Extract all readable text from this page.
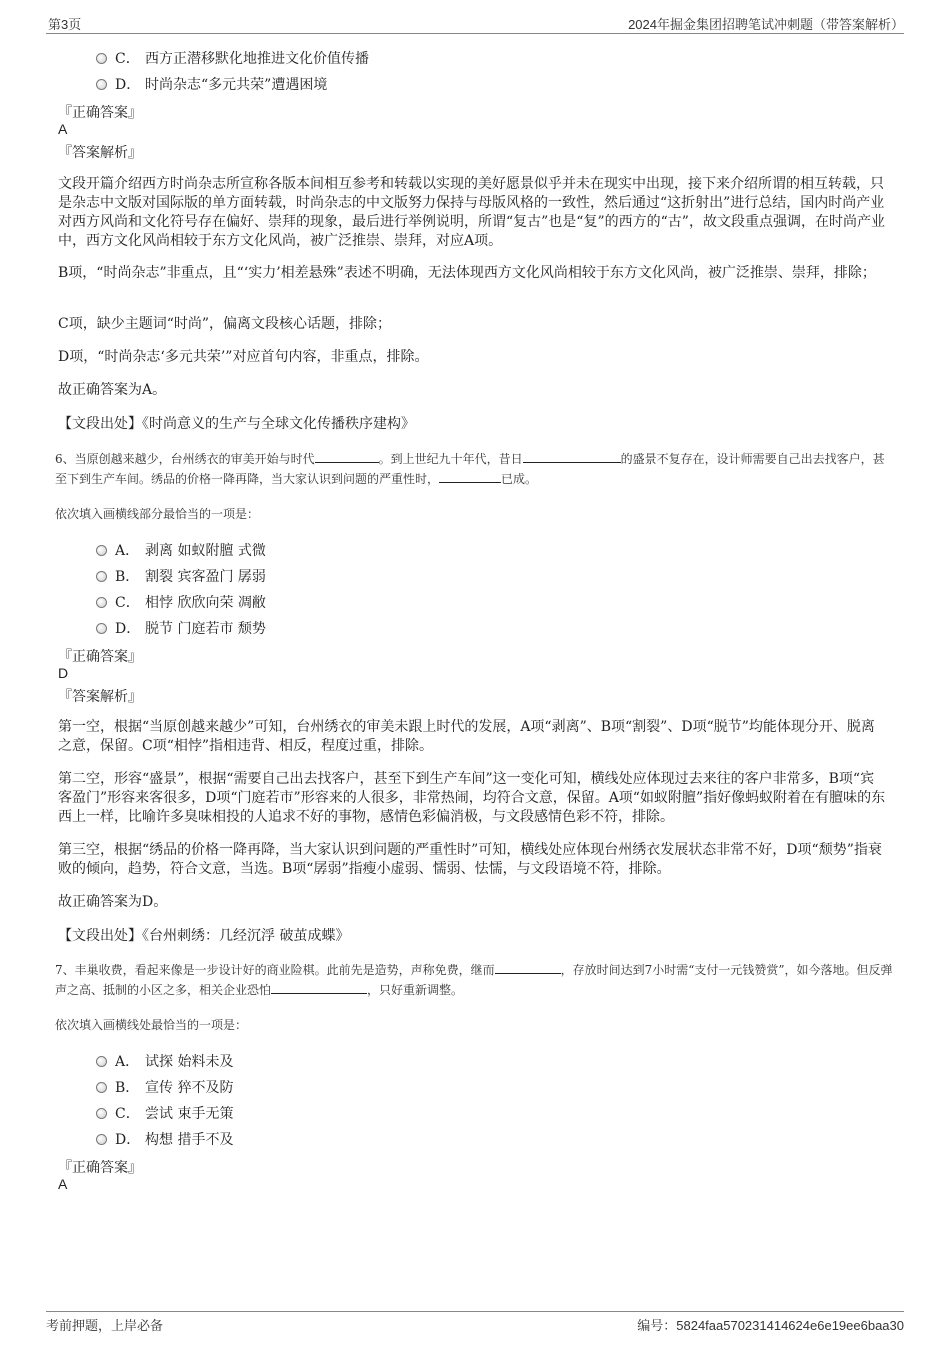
第3页	2024年掘金集团招聘笔试冲刺题（带答案解析）
C． 西方正潜移默化地推进文化价值传播
D． 时尚杂志“多元共荣”遭遇困境
『正确答案』
A
『答案解析』

文段开篇介绍西方时尚杂志所宣称各版本间相互参考和转载以实现的美好愿景似乎并未在现实中出现，接下来介绍所谓的相互转载，只是杂志中文版对国际版的单方面转载，时尚杂志的中文版努力保持与母版风格的一致性，然后通过“这折射出”进行总结，国内时尚产业对西方风尚和文化符号存在偏好、崇拜的现象，最后进行举例说明，所谓“复古”也是“复”的西方的“古”，故文段重点强调，在时尚产业中，西方文化风尚相较于东方文化风尚，被广泛推崇、崇拜，对应A项。

B项，“时尚杂志”非重点，且“‘实力’相差悬殊”表述不明确，无法体现西方文化风尚相较于东方文化风尚，被广泛推崇、崇拜，排除；

C项，缺少主题词“时尚”，偏离文段核心话题，排除；

D项，“时尚杂志‘多元共荣’”对应首句内容，非重点，排除。

故正确答案为A。

【文段出处】《时尚意义的生产与全球文化传播秩序建构》

6、当原创越来越少，台州绣衣的审美开始与时代	。到上世纪九十年代，昔日	的盛景不复存在，设计师需要自己出去找客户，甚至下到生产车间。绣品的价格一降再降，当大家认识到问题的严重性时，	已成。

依次填入画横线部分最恰当的一项是：

A． 剥离 如蚁附膻 式微
B． 割裂 宾客盈门 孱弱
C． 相悖 欣欣向荣 凋敝
D． 脱节 门庭若市 颓势
『正确答案』
D
『答案解析』

第一空，根据“当原创越来越少”可知，台州绣衣的审美未跟上时代的发展，A项“剥离”、B项“割裂”、D项“脱节”均能体现分开、脱离之意，保留。C项“相悖”指相违背、相反，程度过重，排除。

第二空，形容“盛景”，根据“需要自己出去找客户，甚至下到生产车间”这一变化可知，横线处应体现过去来往的客户非常多，B项“宾客盈门”形容来客很多，D项“门庭若市”形容来的人很多，非常热闹，均符合文意，保留。A项“如蚁附膻”指好像蚂蚁附着在有膻味的东西上一样，比喻许多臭味相投的人追求不好的事物，感情色彩偏消极，与文段感情色彩不符，排除。

第三空，根据“绣品的价格一降再降，当大家认识到问题的严重性时”可知，横线处应体现台州绣衣发展状态非常不好，D项“颓势”指衰败的倾向，趋势，符合文意，当选。B项“孱弱”指瘦小虚弱、懦弱、怯懦，与文段语境不符，排除。

故正确答案为D。

【文段出处】《台州刺绣：几经沉浮 破茧成蝶》

7、丰巢收费，看起来像是一步设计好的商业险棋。此前先是造势，声称免费，继而	，存放时间达到7小时需“支付一元钱赞赏”，如今落地。但反弹声之高、抵制的小区之多，相关企业恐怕	，只好重新调整。

依次填入画横线处最恰当的一项是：

A． 试探 始料未及
B． 宣传 猝不及防
C． 尝试 束手无策
D． 构想 措手不及
『正确答案』
A
考前押题，上岸必备	编号：5824faa570231414624e6e19ee6baa30
